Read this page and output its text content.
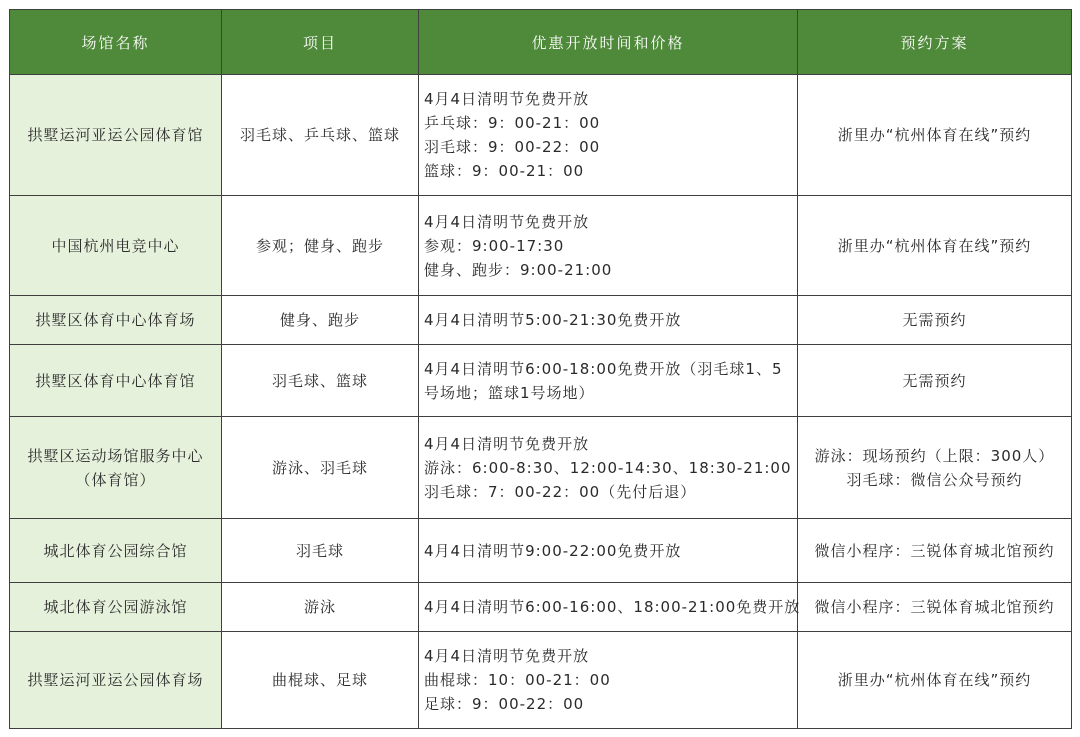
场馆名称	项目	优惠开放时间和价格	预约方案

拱墅运河亚运公园体育馆	羽毛球、乒乓球、篮球	4月4日清明节免费开放
乒乓球：9：00-21：00
羽毛球：9：00-22：00
篮球：9：00-21：00	浙里办“杭州体育在线”预约

中国杭州电竞中心	参观；健身、跑步	4月4日清明节免费开放
参观：9:00-17:30
健身、跑步：9:00-21:00	浙里办“杭州体育在线”预约

拱墅区体育中心体育场	健身、跑步	4月4日清明节5:00-21:30免费开放	无需预约

拱墅区体育中心体育馆	羽毛球、篮球	4月4日清明节6:00-18:00免费开放（羽毛球1、5
号场地；篮球1号场地）	无需预约

拱墅区运动场馆服务中心
（体育馆）	游泳、羽毛球	4月4日清明节免费开放
游泳：6:00-8:30、12:00-14:30、18:30-21:00
羽毛球：7：00-22：00（先付后退）	游泳：现场预约（上限：300人）
羽毛球：微信公众号预约

城北体育公园综合馆	羽毛球	4月4日清明节9:00-22:00免费开放	微信小程序：三锐体育城北馆预约

城北体育公园游泳馆	游泳	4月4日清明节6:00-16:00、18:00-21:00免费开放	微信小程序：三锐体育城北馆预约

拱墅运河亚运公园体育场	曲棍球、足球	4月4日清明节免费开放
曲棍球：10：00-21：00
足球：9：00-22：00	浙里办“杭州体育在线”预约
